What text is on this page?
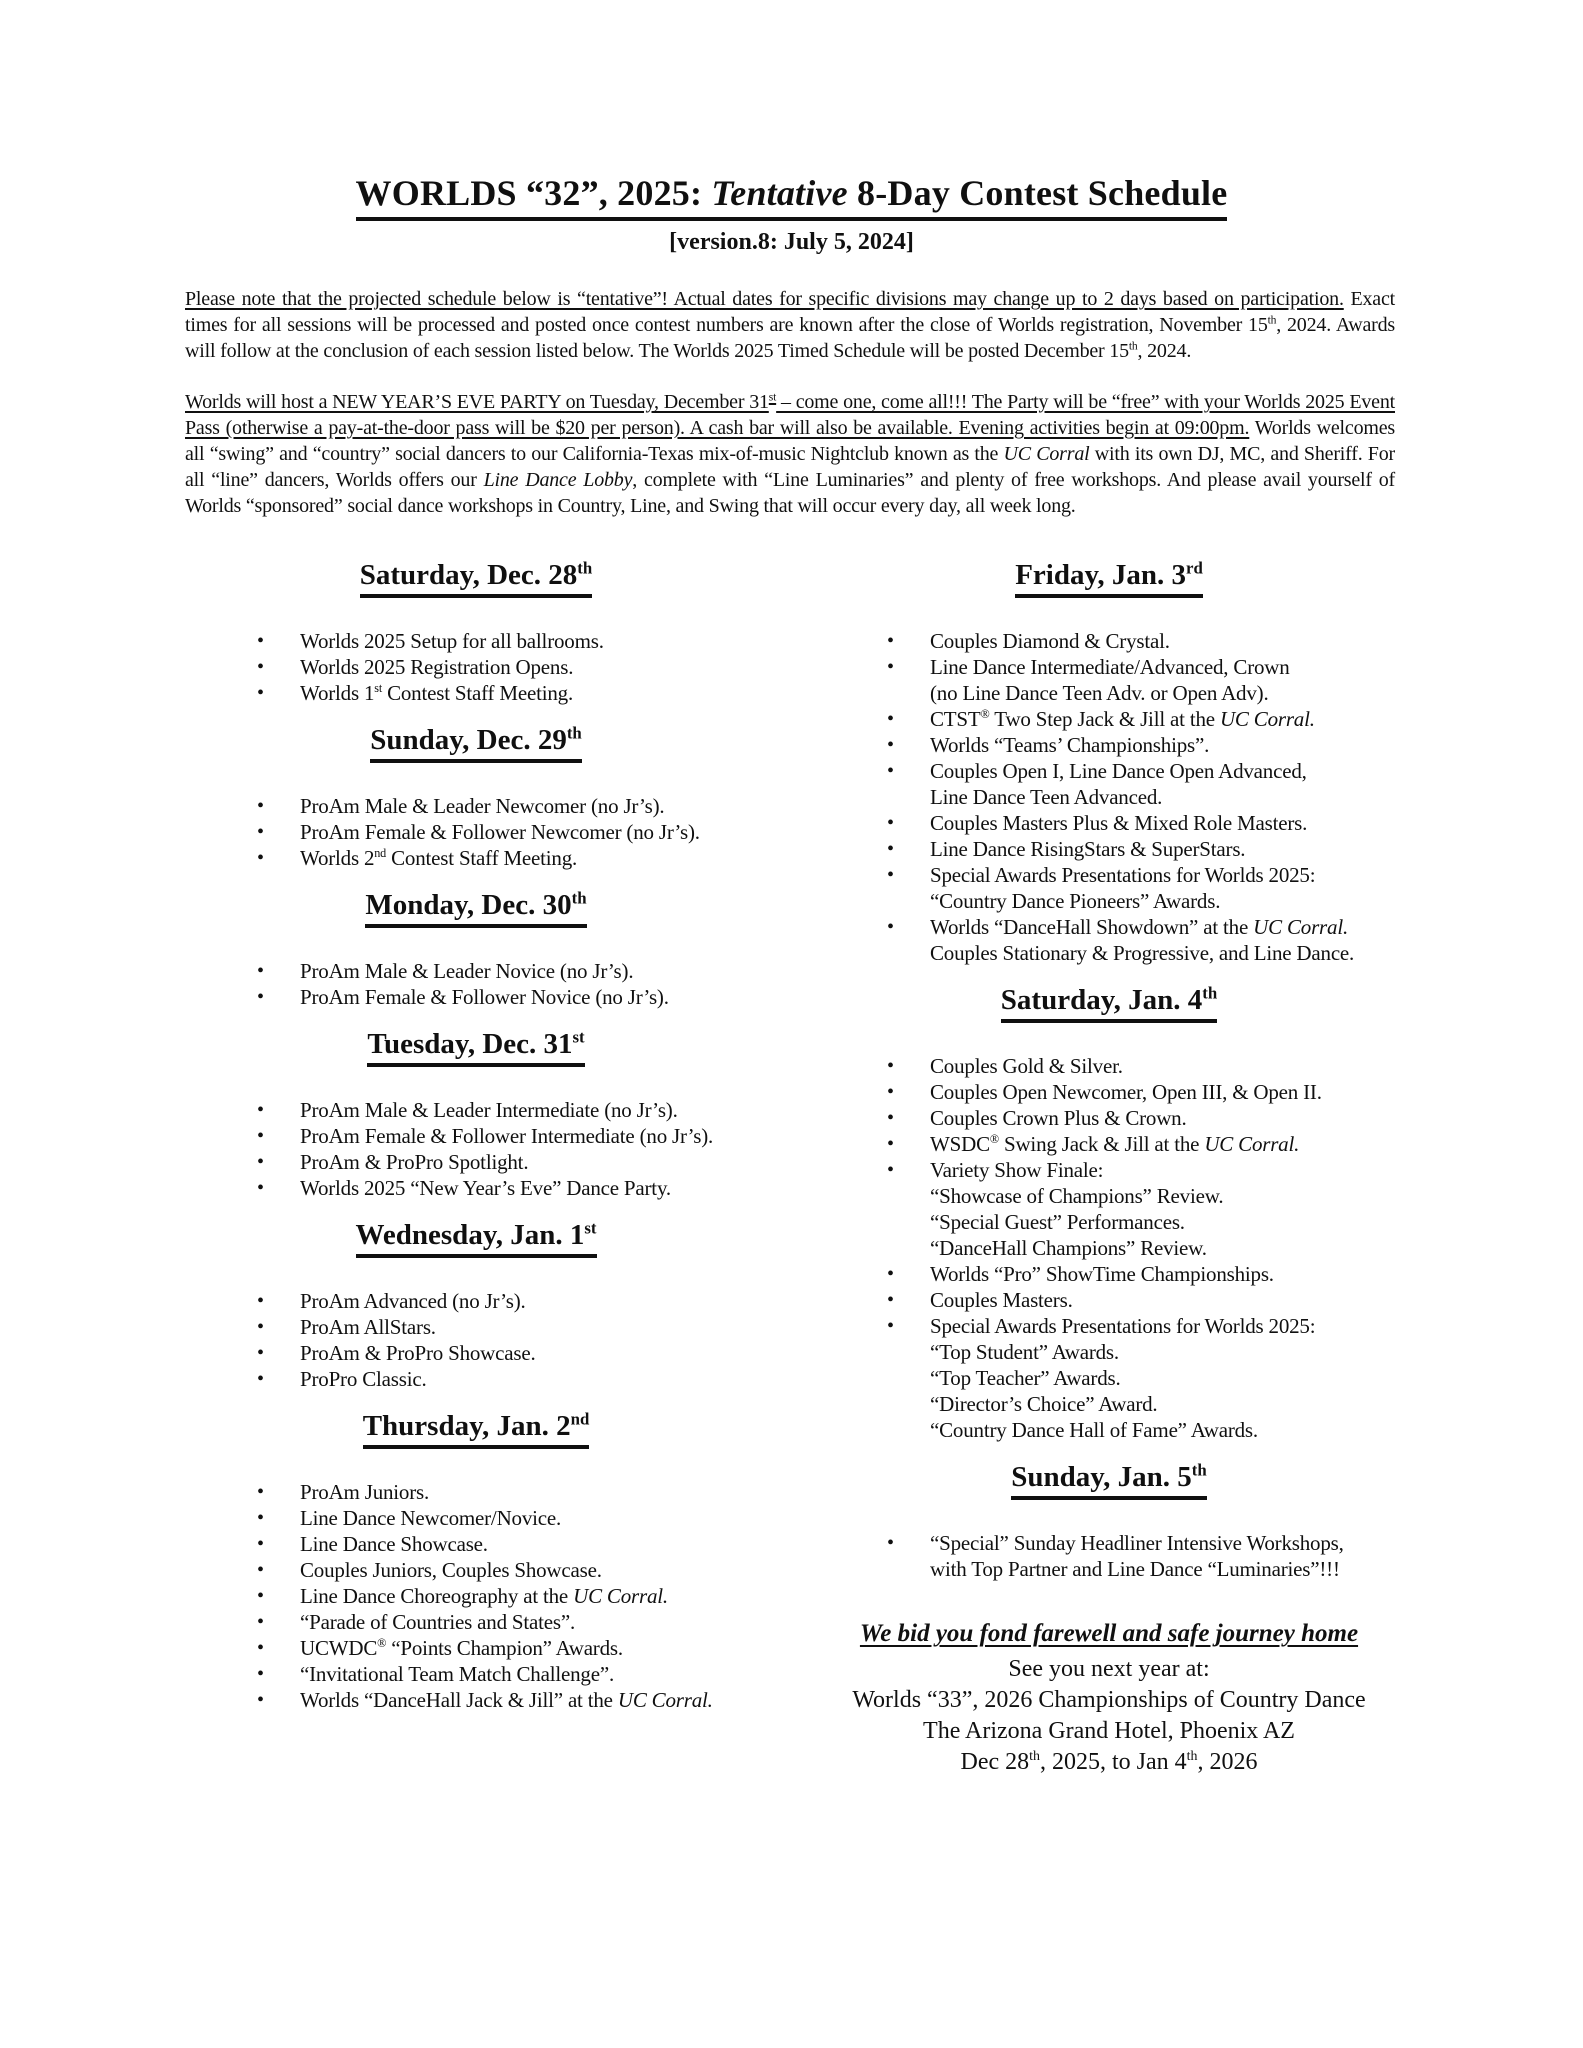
WORLDS “32”, 2025: Tentative 8-Day Contest Schedule
[version.8: July 5, 2024]

Please note that the projected schedule below is “tentative”! Actual dates for specific divisions may change up to 2 days based on participation. Exact times for all sessions will be processed and posted once contest numbers are known after the close of Worlds registration, November 15th, 2024. Awards will follow at the conclusion of each session listed below. The Worlds 2025 Timed Schedule will be posted December 15th, 2024.

Worlds will host a NEW YEAR’S EVE PARTY on Tuesday, December 31st – come one, come all!!! The Party will be “free” with your Worlds 2025 Event Pass (otherwise a pay-at-the-door pass will be $20 per person). A cash bar will also be available. Evening activities begin at 09:00pm. Worlds welcomes all “swing” and “country” social dancers to our California-Texas mix-of-music Nightclub known as the UC Corral with its own DJ, MC, and Sheriff. For all “line” dancers, Worlds offers our Line Dance Lobby, complete with “Line Luminaries” and plenty of free workshops. And please avail yourself of Worlds “sponsored” social dance workshops in Country, Line, and Swing that will occur every day, all week long.

Saturday, Dec. 28th
• Worlds 2025 Setup for all ballrooms.
• Worlds 2025 Registration Opens.
• Worlds 1st Contest Staff Meeting.
Sunday, Dec. 29th
• ProAm Male & Leader Newcomer (no Jr’s).
• ProAm Female & Follower Newcomer (no Jr’s).
• Worlds 2nd Contest Staff Meeting.
Monday, Dec. 30th
• ProAm Male & Leader Novice (no Jr’s).
• ProAm Female & Follower Novice (no Jr’s).
Tuesday, Dec. 31st
• ProAm Male & Leader Intermediate (no Jr’s).
• ProAm Female & Follower Intermediate (no Jr’s).
• ProAm & ProPro Spotlight.
• Worlds 2025 “New Year’s Eve” Dance Party.
Wednesday, Jan. 1st
• ProAm Advanced (no Jr’s).
• ProAm AllStars.
• ProAm & ProPro Showcase.
• ProPro Classic.
Thursday, Jan. 2nd
• ProAm Juniors.
• Line Dance Newcomer/Novice.
• Line Dance Showcase.
• Couples Juniors, Couples Showcase.
• Line Dance Choreography at the UC Corral.
• “Parade of Countries and States”.
• UCWDC® “Points Champion” Awards.
• “Invitational Team Match Challenge”.
• Worlds “DanceHall Jack & Jill” at the UC Corral.
Friday, Jan. 3rd
• Couples Diamond & Crystal.
• Line Dance Intermediate/Advanced, Crown
(no Line Dance Teen Adv. or Open Adv).
• CTST® Two Step Jack & Jill at the UC Corral.
• Worlds “Teams’ Championships”.
• Couples Open I, Line Dance Open Advanced,
Line Dance Teen Advanced.
• Couples Masters Plus & Mixed Role Masters.
• Line Dance RisingStars & SuperStars.
• Special Awards Presentations for Worlds 2025:
“Country Dance Pioneers” Awards.
• Worlds “DanceHall Showdown” at the UC Corral.
Couples Stationary & Progressive, and Line Dance.
Saturday, Jan. 4th
• Couples Gold & Silver.
• Couples Open Newcomer, Open III, & Open II.
• Couples Crown Plus & Crown.
• WSDC® Swing Jack & Jill at the UC Corral.
• Variety Show Finale:
“Showcase of Champions” Review.
“Special Guest” Performances.
“DanceHall Champions” Review.
• Worlds “Pro” ShowTime Championships.
• Couples Masters.
• Special Awards Presentations for Worlds 2025:
“Top Student” Awards.
“Top Teacher” Awards.
“Director’s Choice” Award.
“Country Dance Hall of Fame” Awards.
Sunday, Jan. 5th
• “Special” Sunday Headliner Intensive Workshops,
with Top Partner and Line Dance “Luminaries”!!!
We bid you fond farewell and safe journey home
See you next year at:
Worlds “33”, 2026 Championships of Country Dance
The Arizona Grand Hotel, Phoenix AZ
Dec 28th, 2025, to Jan 4th, 2026
